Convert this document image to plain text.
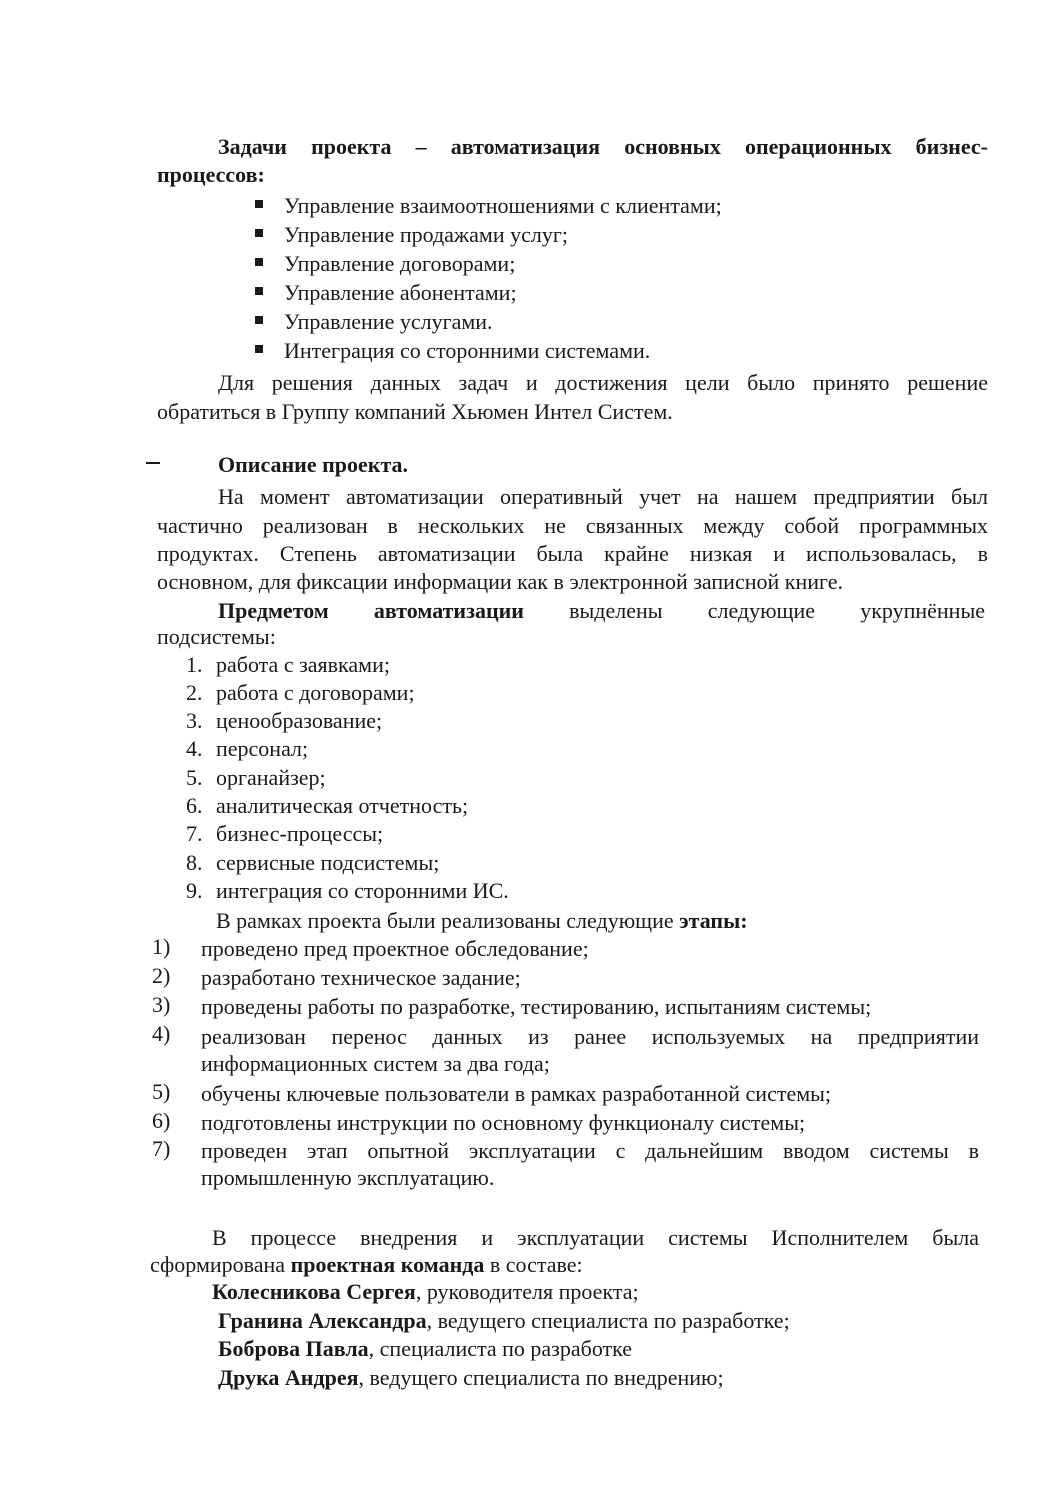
Задачи проекта – автоматизация основных операционных бизнес-
процессов:
Управление взаимоотношениями с клиентами;
Управление продажами услуг;
Управление договорами;
Управление абонентами;
Управление услугами.
Интеграция со сторонними системами.
Для решения данных задач и достижения цели было принято решение
обратиться в Группу компаний Хьюмен Интел Систем.
Описание проекта.
На момент автоматизации оперативный учет на нашем предприятии был
частично реализован в нескольких не связанных между собой программных
продуктах. Степень автоматизации была крайне низкая и использовалась, в
основном, для фиксации информации как в электронной записной книге.
Предметом автоматизации выделены следующие укрупнённые
подсистемы:
1. работа с заявками;
2. работа с договорами;
3. ценообразование;
4. персонал;
5. органайзер;
6. аналитическая отчетность;
7. бизнес-процессы;
8. сервисные подсистемы;
9. интеграция со сторонними ИС.
В рамках проекта были реализованы следующие этапы:
1) проведено пред проектное обследование;
2) разработано техническое задание;
3) проведены работы по разработке, тестированию, испытаниям системы;
4) реализован перенос данных из ранее используемых на предприятии
информационных систем за два года;
5) обучены ключевые пользователи в рамках разработанной системы;
6) подготовлены инструкции по основному функционалу системы;
7) проведен этап опытной эксплуатации с дальнейшим вводом системы в
промышленную эксплуатацию.
В процессе внедрения и эксплуатации системы Исполнителем была
сформирована проектная команда в составе:
Колесникова Сергея, руководителя проекта;
Гранина Александра, ведущего специалиста по разработке;
Боброва Павла, специалиста по разработке
Друка Андрея, ведущего специалиста по внедрению;
